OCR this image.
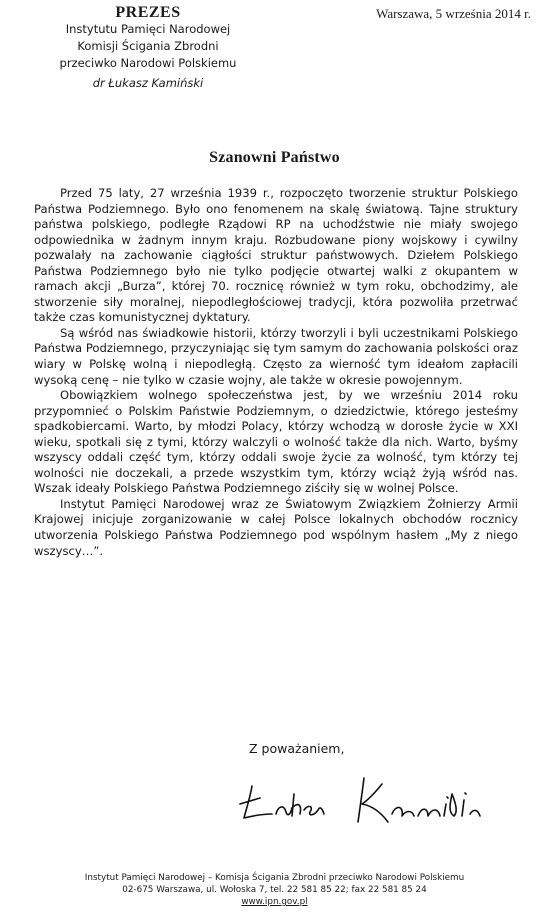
PREZES
Instytutu Pamięci Narodowej
Komisji Ścigania Zbrodni
przeciwko Narodowi Polskiemu
dr Łukasz Kamiński
Warszawa, 5 września 2014 r.
Szanowni Państwo

Przed 75 laty, 27 września 1939 r., rozpoczęto tworzenie struktur Polskiego Państwa Podziemnego. Było ono fenomenem na skalę światową. Tajne struktury państwa polskiego, podległe Rządowi RP na uchodźstwie nie miały swojego odpowiednika w żadnym innym kraju. Rozbudowane piony wojskowy i cywilny pozwalały na zachowanie ciągłości struktur państwowych. Dziełem Polskiego Państwa Podziemnego było nie tylko podjęcie otwartej walki z okupantem w ramach akcji „Burza”, której 70. rocznicę również w tym roku, obchodzimy, ale stworzenie siły moralnej, niepodległościowej tradycji, która pozwoliła przetrwać także czas komunistycznej dyktatury.

Są wśród nas świadkowie historii, którzy tworzyli i byli uczestnikami Polskiego Państwa Podziemnego, przyczyniając się tym samym do zachowania polskości oraz wiary w Polskę wolną i niepodległą. Często za wierność tym ideałom zapłacili wysoką cenę – nie tylko w czasie wojny, ale także w okresie powojennym.

Obowiązkiem wolnego społeczeństwa jest, by we wrześniu 2014 roku przypomnieć o Polskim Państwie Podziemnym, o dziedzictwie, którego jesteśmy spadkobiercami. Warto, by młodzi Polacy, którzy wchodzą w dorosłe życie w XXI wieku, spotkali się z tymi, którzy walczyli o wolność także dla nich. Warto, byśmy wszyscy oddali część tym, którzy oddali swoje życie za wolność, tym którzy tej wolności nie doczekali, a przede wszystkim tym, którzy wciąż żyją wśród nas. Wszak ideały Polskiego Państwa Podziemnego ziściły się w wolnej Polsce.

Instytut Pamięci Narodowej wraz ze Światowym Związkiem Żołnierzy Armii Krajowej inicjuje zorganizowanie w całej Polsce lokalnych obchodów rocznicy utworzenia Polskiego Państwa Podziemnego pod wspólnym hasłem „My z niego wszyscy…”.

Z poważaniem,
Instytut Pamięci Narodowej – Komisja Ścigania Zbrodni przeciwko Narodowi Polskiemu
02-675 Warszawa, ul. Wołoska 7, tel. 22 581 85 22; fax 22 581 85 24
www.ipn.gov.pl
